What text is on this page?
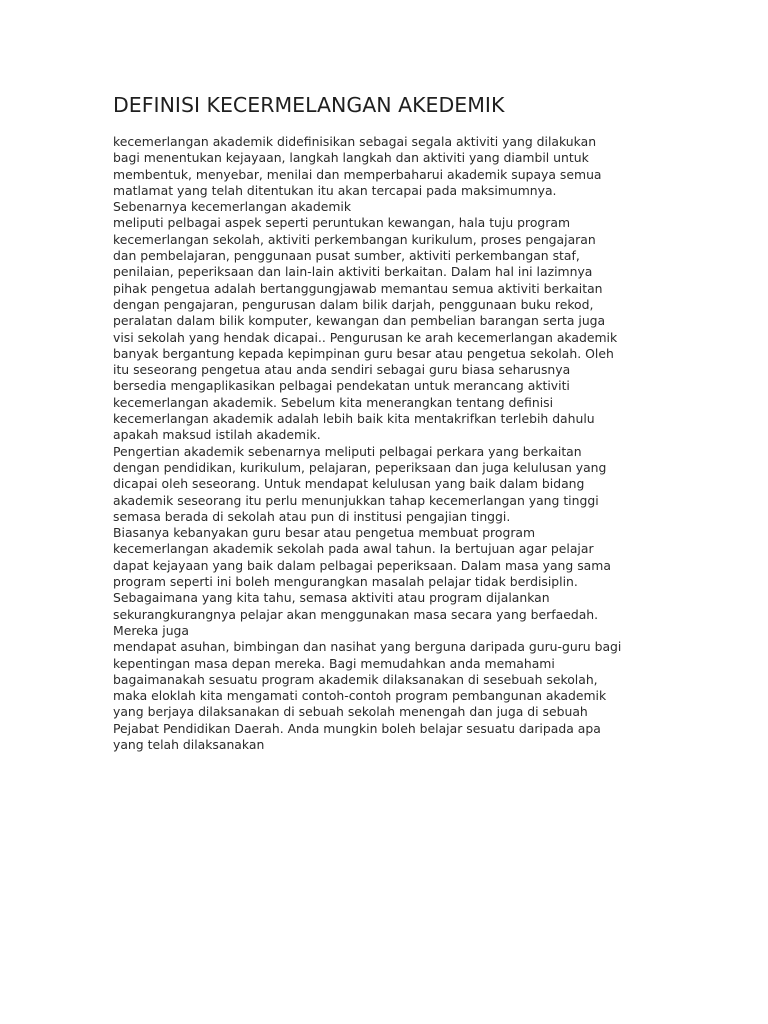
DEFINISI KECERMELANGAN AKEDEMIK
kecemerlangan akademik didefinisikan sebagai segala aktiviti yang dilakukan
bagi menentukan kejayaan, langkah langkah dan aktiviti yang diambil untuk
membentuk, menyebar, menilai dan memperbaharui akademik supaya semua
matlamat yang telah ditentukan itu akan tercapai pada maksimumnya.
Sebenarnya kecemerlangan akademik
meliputi pelbagai aspek seperti peruntukan kewangan, hala tuju program
kecemerlangan sekolah, aktiviti perkembangan kurikulum, proses pengajaran
dan pembelajaran, penggunaan pusat sumber, aktiviti perkembangan staf,
penilaian, peperiksaan dan lain-lain aktiviti berkaitan. Dalam hal ini lazimnya
pihak pengetua adalah bertanggungjawab memantau semua aktiviti berkaitan
dengan pengajaran, pengurusan dalam bilik darjah, penggunaan buku rekod,
peralatan dalam bilik komputer, kewangan dan pembelian barangan serta juga
visi sekolah yang hendak dicapai.. Pengurusan ke arah kecemerlangan akademik
banyak bergantung kepada kepimpinan guru besar atau pengetua sekolah. Oleh
itu seseorang pengetua atau anda sendiri sebagai guru biasa seharusnya
bersedia mengaplikasikan pelbagai pendekatan untuk merancang aktiviti
kecemerlangan akademik. Sebelum kita menerangkan tentang definisi
kecemerlangan akademik adalah lebih baik kita mentakrifkan terlebih dahulu
apakah maksud istilah akademik.
Pengertian akademik sebenarnya meliputi pelbagai perkara yang berkaitan
dengan pendidikan, kurikulum, pelajaran, peperiksaan dan juga kelulusan yang
dicapai oleh seseorang. Untuk mendapat kelulusan yang baik dalam bidang
akademik seseorang itu perlu menunjukkan tahap kecemerlangan yang tinggi
semasa berada di sekolah atau pun di institusi pengajian tinggi.
Biasanya kebanyakan guru besar atau pengetua membuat program
kecemerlangan akademik sekolah pada awal tahun. Ia bertujuan agar pelajar
dapat kejayaan yang baik dalam pelbagai peperiksaan. Dalam masa yang sama
program seperti ini boleh mengurangkan masalah pelajar tidak berdisiplin.
Sebagaimana yang kita tahu, semasa aktiviti atau program dijalankan
sekurangkurangnya pelajar akan menggunakan masa secara yang berfaedah.
Mereka juga
mendapat asuhan, bimbingan dan nasihat yang berguna daripada guru-guru bagi
kepentingan masa depan mereka. Bagi memudahkan anda memahami
bagaimanakah sesuatu program akademik dilaksanakan di sesebuah sekolah,
maka eloklah kita mengamati contoh-contoh program pembangunan akademik
yang berjaya dilaksanakan di sebuah sekolah menengah dan juga di sebuah
Pejabat Pendidikan Daerah. Anda mungkin boleh belajar sesuatu daripada apa
yang telah dilaksanakan
